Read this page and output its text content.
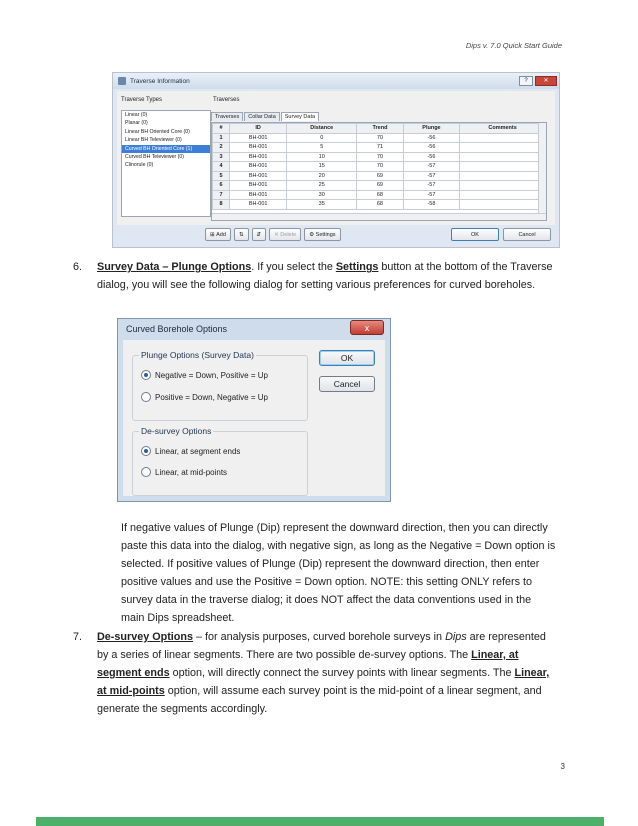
Dips v. 7.0 Quick Start Guide
Traverse Information	?	✕
Traverse Types	Traverses
Linear (0)
Planar (0)
Linear BH Oriented Core (0)
Linear BH Televiewer (0)
Curved BH Oriented Core (1)
Curved BH Televiewer (0)
Clinorule (0)
Traverses	Collar Data	Survey Data
#	ID	Distance	Trend	Plunge	Comments
1	BH-001	0	70	-56	
2	BH-001	5	71	-56	
3	BH-001	10	70	-56	
4	BH-001	15	70	-57	
5	BH-001	20	69	-57	
6	BH-001	25	69	-57	
7	BH-001	30	68	-57	
8	BH-001	35	68	-58	
⊞ Add	⇅	⇵	✕ Delete ⚙ Settings	OK	Cancel
6. Survey Data – Plunge Options. If you select the Settings button at the bottom of the Traverse dialog, you will see the following dialog for setting various preferences for curved boreholes.
Curved Borehole Options	x
Plunge Options (Survey Data)
Negative = Down, Positive = Up
Positive = Down, Negative = Up
De-survey Options
Linear, at segment ends
Linear, at mid-points
OK
Cancel
If negative values of Plunge (Dip) represent the downward direction, then you can directly paste this data into the dialog, with negative sign, as long as the Negative = Down option is selected. If positive values of Plunge (Dip) represent the downward direction, then enter positive values and use the Positive = Down option. NOTE: this setting ONLY refers to survey data in the traverse dialog; it does NOT affect the data conventions used in the main Dips spreadsheet.
7. De-survey Options – for analysis purposes, curved borehole surveys in Dips are represented by a series of linear segments. There are two possible de-survey options. The Linear, at segment ends option, will directly connect the survey points with linear segments. The Linear, at mid-points option, will assume each survey point is the mid-point of a linear segment, and generate the segments accordingly.
3
